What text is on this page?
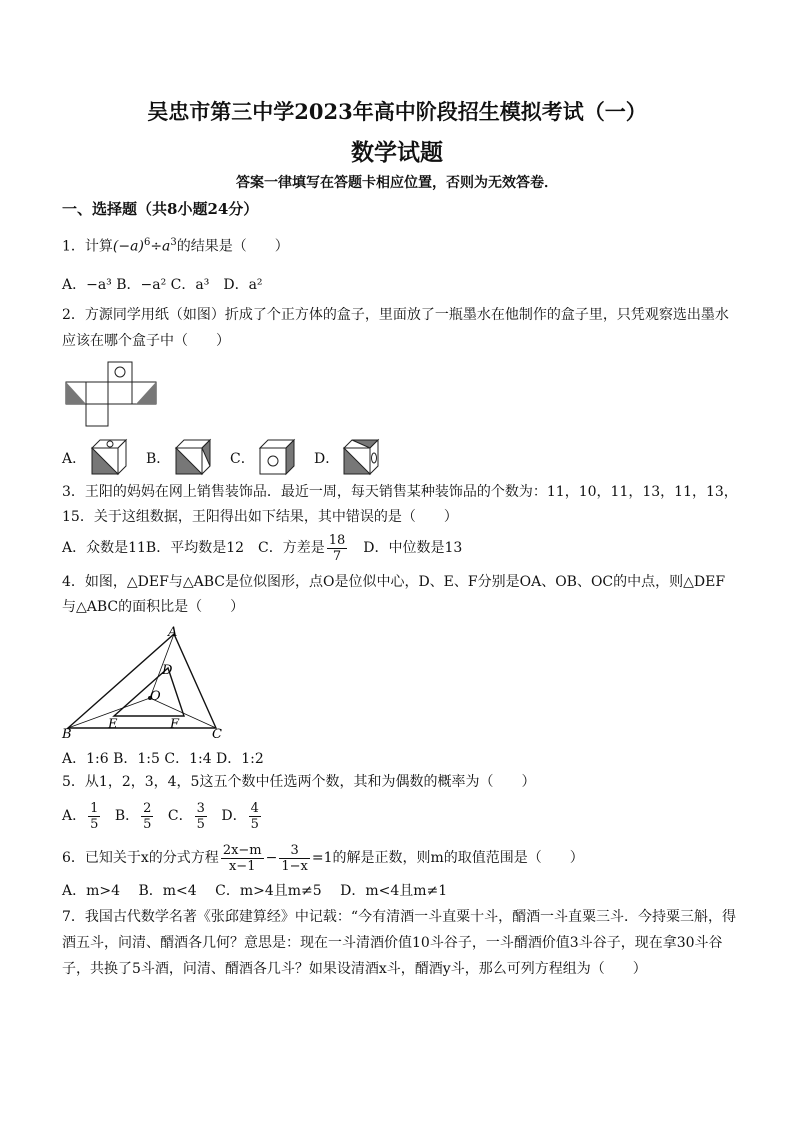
吴忠市第三中学2023年高中阶段招生模拟考试（一）
数学试题
答案一律填写在答题卡相应位置，否则为无效答卷．
一、选择题（共8小题24分）
1．计算$(-a)^6\div a^3$的结果是（　　）
A．−a³ B．−a² C．a³　D．a²
2．方源同学用纸（如图）折成了个正方体的盒子，里面放了一瓶墨水在他制作的盒子里，只凭观察选出墨水
应该在哪个盒子中（　　）
A．	B．	C．	D．
3．王阳的妈妈在网上销售装饰品．最近一周，每天销售某种装饰品的个数为：11，10，11，13，11，13，
15．关于这组数据，王阳得出如下结果，其中错误的是（　　）
A．众数是11B．平均数是12　C．方差是 $\frac{18}{7}$ 　D．中位数是13
4．如图，△DEF与△ABC是位似图形，点O是位似中心，D、E、F分别是OA、OB、OC的中点，则△DEF
与△ABC的面积比是（　　）
A
B	C
D
E	F
O
A．1:6 B．1:5 C．1:4 D．1:2
5．从1，2，3，4，5这五个数中任选两个数，其和为偶数的概率为（　　）
A． $\frac{1}{5}$ B． $\frac{2}{5}$ C． $\frac{3}{5}$ D． $\frac{4}{5}$
6．已知关于x的分式方程 $\frac{2x-m}{x-1} - \frac{3}{1-x} =1$的解是正数，则m的取值范围是（　　）
A．m>4　 B．m<4　 C．m>4且m≠5　 D．m<4且m≠1
7．我国古代数学名著《张邱建算经》中记载：“今有清酒一斗直粟十斗，醑酒一斗直粟三斗．今持粟三斛，得
酒五斗，问清、醑酒各几何？意思是：现在一斗清酒价值10斗谷子，一斗醑酒价值3斗谷子，现在拿30斗谷
子，共换了5斗酒，问清、醑酒各几斗？如果设清酒x斗，醑酒y斗，那么可列方程组为（　　）
